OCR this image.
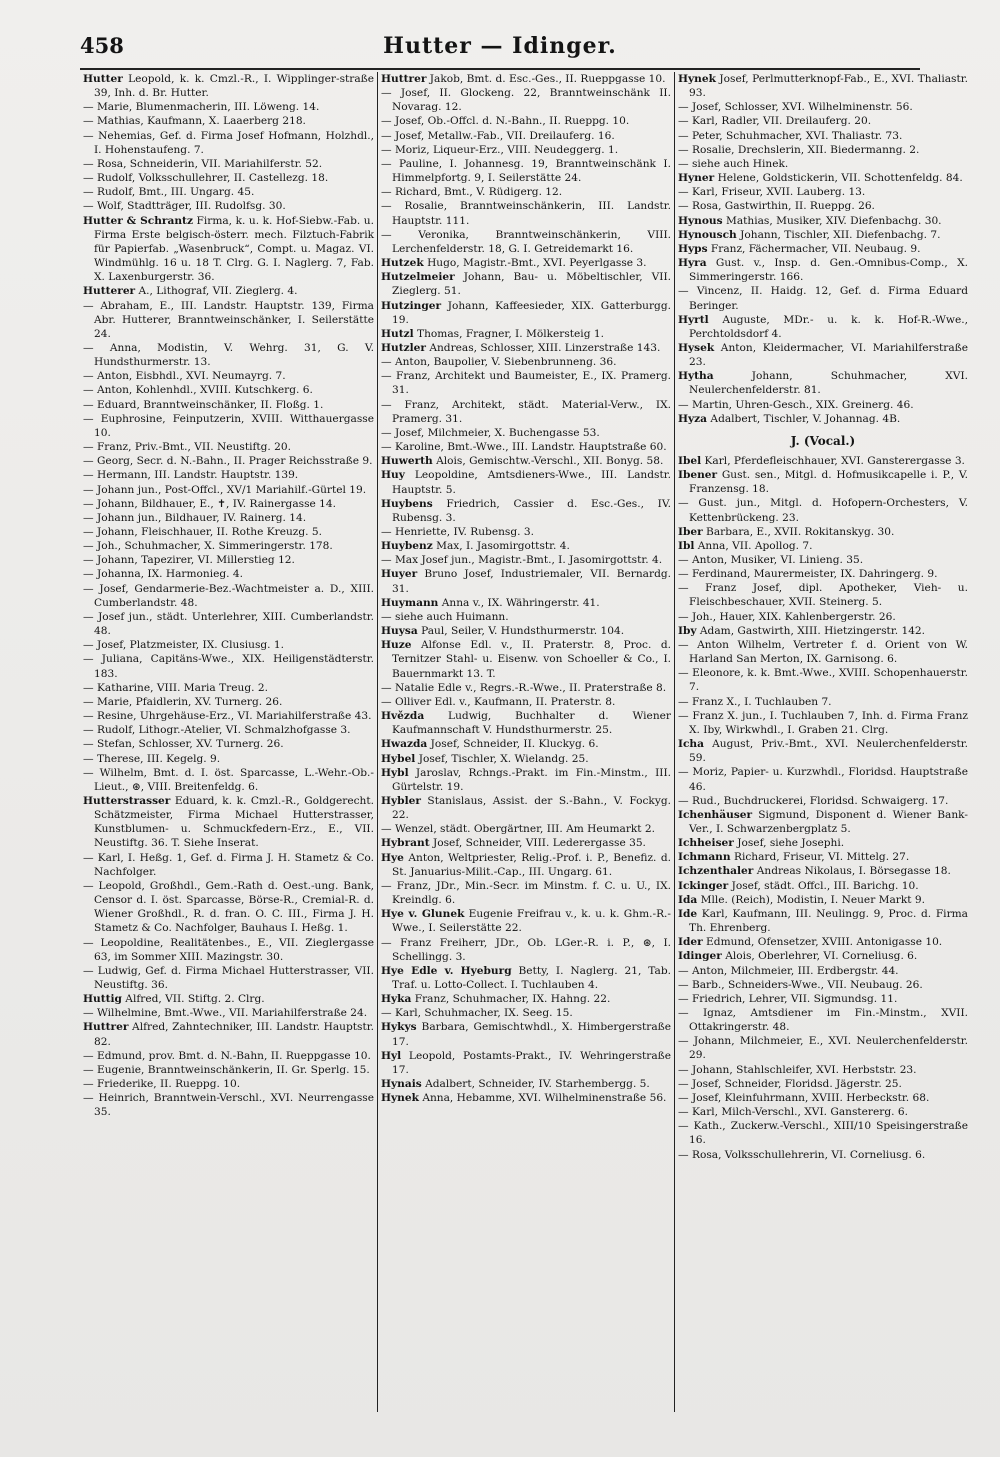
458	Hutter — Idinger.
Hutter Leopold, k. k. Cmzl.-R., I. Wipplinger-straße 39, Inh. d. Br. Hutter.
— Marie, Blumenmacherin, III. Löweng. 14.
— Mathias, Kaufmann, X. Laaerberg 218.
— Nehemias, Gef. d. Firma Josef Hofmann, Holzhdl., I. Hohenstaufeng. 7.
— Rosa, Schneiderin, VII. Mariahilferstr. 52.
— Rudolf, Volksschullehrer, II. Castellezg. 18.
— Rudolf, Bmt., III. Ungarg. 45.
— Wolf, Stadtträger, III. Rudolfsg. 30.
Hutter & Schrantz Firma, k. u. k. Hof-Siebw.-Fab. u. Firma Erste belgisch-österr. mech. Filztuch-Fabrik für Papierfab. „Wasenbruck“, Compt. u. Magaz. VI. Windmühlg. 16 u. 18 T. Clrg. G. I. Naglerg. 7, Fab. X. Laxenburgerstr. 36.
Hutterer A., Lithograf, VII. Zieglerg. 4.
— Abraham, E., III. Landstr. Hauptstr. 139, Firma Abr. Hutterer, Branntweinschänker, I. Seilerstätte 24.
— Anna, Modistin, V. Wehrg. 31, G. V. Hundsthurmerstr. 13.
— Anton, Eisbhdl., XVI. Neumayrg. 7.
— Anton, Kohlenhdl., XVIII. Kutschkerg. 6.
— Eduard, Branntweinschänker, II. Floßg. 1.
— Euphrosine, Feinputzerin, XVIII. Witthauergasse 10.
— Franz, Priv.-Bmt., VII. Neustiftg. 20.
— Georg, Secr. d. N.-Bahn., II. Prager Reichsstraße 9.
— Hermann, III. Landstr. Hauptstr. 139.
— Johann jun., Post-Offcl., XV/1 Mariahilf.-Gürtel 19.
— Johann, Bildhauer, E., ✝, IV. Rainergasse 14.
— Johann jun., Bildhauer, IV. Rainerg. 14.
— Johann, Fleischhauer, II. Rothe Kreuzg. 5.
— Joh., Schuhmacher, X. Simmeringerstr. 178.
— Johann, Tapezirer, VI. Millerstieg 12.
— Johanna, IX. Harmonieg. 4.
— Josef, Gendarmerie-Bez.-Wachtmeister a. D., XIII. Cumberlandstr. 48.
— Josef jun., städt. Unterlehrer, XIII. Cumberlandstr. 48.
— Josef, Platzmeister, IX. Clusiusg. 1.
— Juliana, Capitäns-Wwe., XIX. Heiligenstädterstr. 183.
— Katharine, VIII. Maria Treug. 2.
— Marie, Pfaidlerin, XV. Turnerg. 26.
— Resine, Uhrgehäuse-Erz., VI. Mariahilferstraße 43.
— Rudolf, Lithogr.-Atelier, VI. Schmalzhofgasse 3.
— Stefan, Schlosser, XV. Turnerg. 26.
— Therese, III. Kegelg. 9.
— Wilhelm, Bmt. d. I. öst. Sparcasse, L.-Wehr.-Ob.-Lieut., ⊛, VIII. Breitenfeldg. 6.
Hutterstrasser Eduard, k. k. Cmzl.-R., Goldgerecht. Schätzmeister, Firma Michael Hutterstrasser, Kunstblumen- u. Schmuckfedern-Erz., E., VII. Neustiftg. 36. T. Siehe Inserat.
— Karl, I. Heßg. 1, Gef. d. Firma J. H. Stametz & Co. Nachfolger.
— Leopold, Großhdl., Gem.-Rath d. Oest.-ung. Bank, Censor d. I. öst. Sparcasse, Börse-R., Cremial-R. d. Wiener Großhdl., R. d. fran. O. C. III., Firma J. H. Stametz & Co. Nachfolger, Bauhaus I. Heßg. 1.
— Leopoldine, Realitätenbes., E., VII. Zieglergasse 63, im Sommer XIII. Mazingstr. 30.
— Ludwig, Gef. d. Firma Michael Hutterstrasser, VII. Neustiftg. 36.
Huttig Alfred, VII. Stiftg. 2. Clrg.
— Wilhelmine, Bmt.-Wwe., VII. Mariahilferstraße 24.
Huttrer Alfred, Zahntechniker, III. Landstr. Hauptstr. 82.
— Edmund, prov. Bmt. d. N.-Bahn, II. Rueppgasse 10.
— Eugenie, Branntweinschänkerin, II. Gr. Sperlg. 15.
— Friederike, II. Rueppg. 10.
— Heinrich, Branntwein-Verschl., XVI. Neurrengasse 35.
Huttrer Jakob, Bmt. d. Esc.-Ges., II. Rueppgasse 10.
— Josef, II. Glockeng. 22, Branntweinschänk II. Novarag. 12.
— Josef, Ob.-Offcl. d. N.-Bahn., II. Rueppg. 10.
— Josef, Metallw.-Fab., VII. Dreilauferg. 16.
— Moriz, Liqueur-Erz., VIII. Neudeggerg. 1.
— Pauline, I. Johannesg. 19, Branntweinschänk I. Himmelpfortg. 9, I. Seilerstätte 24.
— Richard, Bmt., V. Rüdigerg. 12.
— Rosalie, Branntweinschänkerin, III. Landstr. Hauptstr. 111.
— Veronika, Branntweinschänkerin, VIII. Lerchenfelderstr. 18, G. I. Getreidemarkt 16.
Hutzek Hugo, Magistr.-Bmt., XVI. Peyerlgasse 3.
Hutzelmeier Johann, Bau- u. Möbeltischler, VII. Zieglerg. 51.
Hutzinger Johann, Kaffeesieder, XIX. Gatterburgg. 19.
Hutzl Thomas, Fragner, I. Mölkersteig 1.
Hutzler Andreas, Schlosser, XIII. Linzerstraße 143.
— Anton, Baupolier, V. Siebenbrunneng. 36.
— Franz, Architekt und Baumeister, E., IX. Pramerg. 31.
— Franz, Architekt, städt. Material-Verw., IX. Pramerg. 31.
— Josef, Milchmeier, X. Buchengasse 53.
— Karoline, Bmt.-Wwe., III. Landstr. Hauptstraße 60.
Huwerth Alois, Gemischtw.-Verschl., XII. Bonyg. 58.
Huy Leopoldine, Amtsdieners-Wwe., III. Landstr. Hauptstr. 5.
Huybens Friedrich, Cassier d. Esc.-Ges., IV. Rubensg. 3.
— Henriette, IV. Rubensg. 3.
Huybenz Max, I. Jasomirgottstr. 4.
— Max Josef jun., Magistr.-Bmt., I. Jasomirgottstr. 4.
Huyer Bruno Josef, Industriemaler, VII. Bernardg. 31.
Huymann Anna v., IX. Währingerstr. 41.
— siehe auch Huimann.
Huysa Paul, Seiler, V. Hundsthurmerstr. 104.
Huze Alfonse Edl. v., II. Praterstr. 8, Proc. d. Ternitzer Stahl- u. Eisenw. von Schoeller & Co., I. Bauernmarkt 13. T.
— Natalie Edle v., Regrs.-R.-Wwe., II. Praterstraße 8.
— Olliver Edl. v., Kaufmann, II. Praterstr. 8.
Hvězda Ludwig, Buchhalter d. Wiener Kaufmannschaft V. Hundsthurmerstr. 25.
Hwazda Josef, Schneider, II. Kluckyg. 6.
Hybel Josef, Tischler, X. Wielandg. 25.
Hybl Jaroslav, Rchngs.-Prakt. im Fin.-Minstm., III. Gürtelstr. 19.
Hybler Stanislaus, Assist. der S.-Bahn., V. Fockyg. 22.
— Wenzel, städt. Obergärtner, III. Am Heumarkt 2.
Hybrant Josef, Schneider, VIII. Lederergasse 35.
Hye Anton, Weltpriester, Relig.-Prof. i. P., Benefiz. d. St. Januarius-Milit.-Cap., III. Ungarg. 61.
— Franz, JDr., Min.-Secr. im Minstm. f. C. u. U., IX. Kreindlg. 6.
Hye v. Glunek Eugenie Freifrau v., k. u. k. Ghm.-R.-Wwe., I. Seilerstätte 22.
— Franz Freiherr, JDr., Ob. LGer.-R. i. P., ⊛, I. Schellingg. 3.
Hye Edle v. Hyeburg Betty, I. Naglerg. 21, Tab. Traf. u. Lotto-Collect. I. Tuchlauben 4.
Hyka Franz, Schuhmacher, IX. Hahng. 22.
— Karl, Schuhmacher, IX. Seeg. 15.
Hykys Barbara, Gemischtwhdl., X. Himbergerstraße 17.
Hyl Leopold, Postamts-Prakt., IV. Wehringerstraße 17.
Hynais Adalbert, Schneider, IV. Starhembergg. 5.
Hynek Anna, Hebamme, XVI. Wilhelminenstraße 56.
Hynek Josef, Perlmutterknopf-Fab., E., XVI. Thaliastr. 93.
— Josef, Schlosser, XVI. Wilhelminenstr. 56.
— Karl, Radler, VII. Dreilauferg. 20.
— Peter, Schuhmacher, XVI. Thaliastr. 73.
— Rosalie, Drechslerin, XII. Biedermanng. 2.
— siehe auch Hinek.
Hyner Helene, Goldstickerin, VII. Schottenfeldg. 84.
— Karl, Friseur, XVII. Lauberg. 13.
— Rosa, Gastwirthin, II. Rueppg. 26.
Hynous Mathias, Musiker, XIV. Diefenbachg. 30.
Hynousch Johann, Tischler, XII. Diefenbachg. 7.
Hyps Franz, Fächermacher, VII. Neubaug. 9.
Hyra Gust. v., Insp. d. Gen.-Omnibus-Comp., X. Simmeringerstr. 166.
— Vincenz, II. Haidg. 12, Gef. d. Firma Eduard Beringer.
Hyrtl Auguste, MDr.- u. k. k. Hof-R.-Wwe., Perchtoldsdorf 4.
Hysek Anton, Kleidermacher, VI. Mariahilferstraße 23.
Hytha Johann, Schuhmacher, XVI. Neulerchenfelderstr. 81.
— Martin, Uhren-Gesch., XIX. Greinerg. 46.
Hyza Adalbert, Tischler, V. Johannag. 4B.
J. (Vocal.)
Ibel Karl, Pferdefleischhauer, XVI. Gansterergasse 3.
Ibener Gust. sen., Mitgl. d. Hofmusikcapelle i. P., V. Franzensg. 18.
— Gust. jun., Mitgl. d. Hofopern-Orchesters, V. Kettenbrückeng. 23.
Iber Barbara, E., XVII. Rokitanskyg. 30.
Ibl Anna, VII. Apollog. 7.
— Anton, Musiker, VI. Linieng. 35.
— Ferdinand, Maurermeister, IX. Dahringerg. 9.
— Franz Josef, dipl. Apotheker, Vieh- u. Fleischbeschauer, XVII. Steinerg. 5.
— Joh., Hauer, XIX. Kahlenbergerstr. 26.
Iby Adam, Gastwirth, XIII. Hietzingerstr. 142.
— Anton Wilhelm, Vertreter f. d. Orient von W. Harland San Merton, IX. Garnisong. 6.
— Eleonore, k. k. Bmt.-Wwe., XVIII. Schopenhauerstr. 7.
— Franz X., I. Tuchlauben 7.
— Franz X. jun., I. Tuchlauben 7, Inh. d. Firma Franz X. Iby, Wirkwhdl., I. Graben 21. Clrg.
Icha August, Priv.-Bmt., XVI. Neulerchenfelderstr. 59.
— Moriz, Papier- u. Kurzwhdl., Floridsd. Hauptstraße 46.
— Rud., Buchdruckerei, Floridsd. Schwaigerg. 17.
Ichenhäuser Sigmund, Disponent d. Wiener Bank-Ver., I. Schwarzenbergplatz 5.
Ichheiser Josef, siehe Josephi.
Ichmann Richard, Friseur, VI. Mittelg. 27.
Ichzenthaler Andreas Nikolaus, I. Börsegasse 18.
Ickinger Josef, städt. Offcl., III. Barichg. 10.
Ida Mlle. (Reich), Modistin, I. Neuer Markt 9.
Ide Karl, Kaufmann, III. Neulingg. 9, Proc. d. Firma Th. Ehrenberg.
Ider Edmund, Ofensetzer, XVIII. Antonigasse 10.
Idinger Alois, Oberlehrer, VI. Corneliusg. 6.
— Anton, Milchmeier, III. Erdbergstr. 44.
— Barb., Schneiders-Wwe., VII. Neubaug. 26.
— Friedrich, Lehrer, VII. Sigmundsg. 11.
— Ignaz, Amtsdiener im Fin.-Minstm., XVII. Ottakringerstr. 48.
— Johann, Milchmeier, E., XVI. Neulerchenfelderstr. 29.
— Johann, Stahlschleifer, XVI. Herbststr. 23.
— Josef, Schneider, Floridsd. Jägerstr. 25.
— Josef, Kleinfuhrmann, XVIII. Herbeckstr. 68.
— Karl, Milch-Verschl., XVI. Ganstererg. 6.
— Kath., Zuckerw.-Verschl., XIII/10 Speisingerstraße 16.
— Rosa, Volksschullehrerin, VI. Corneliusg. 6.
